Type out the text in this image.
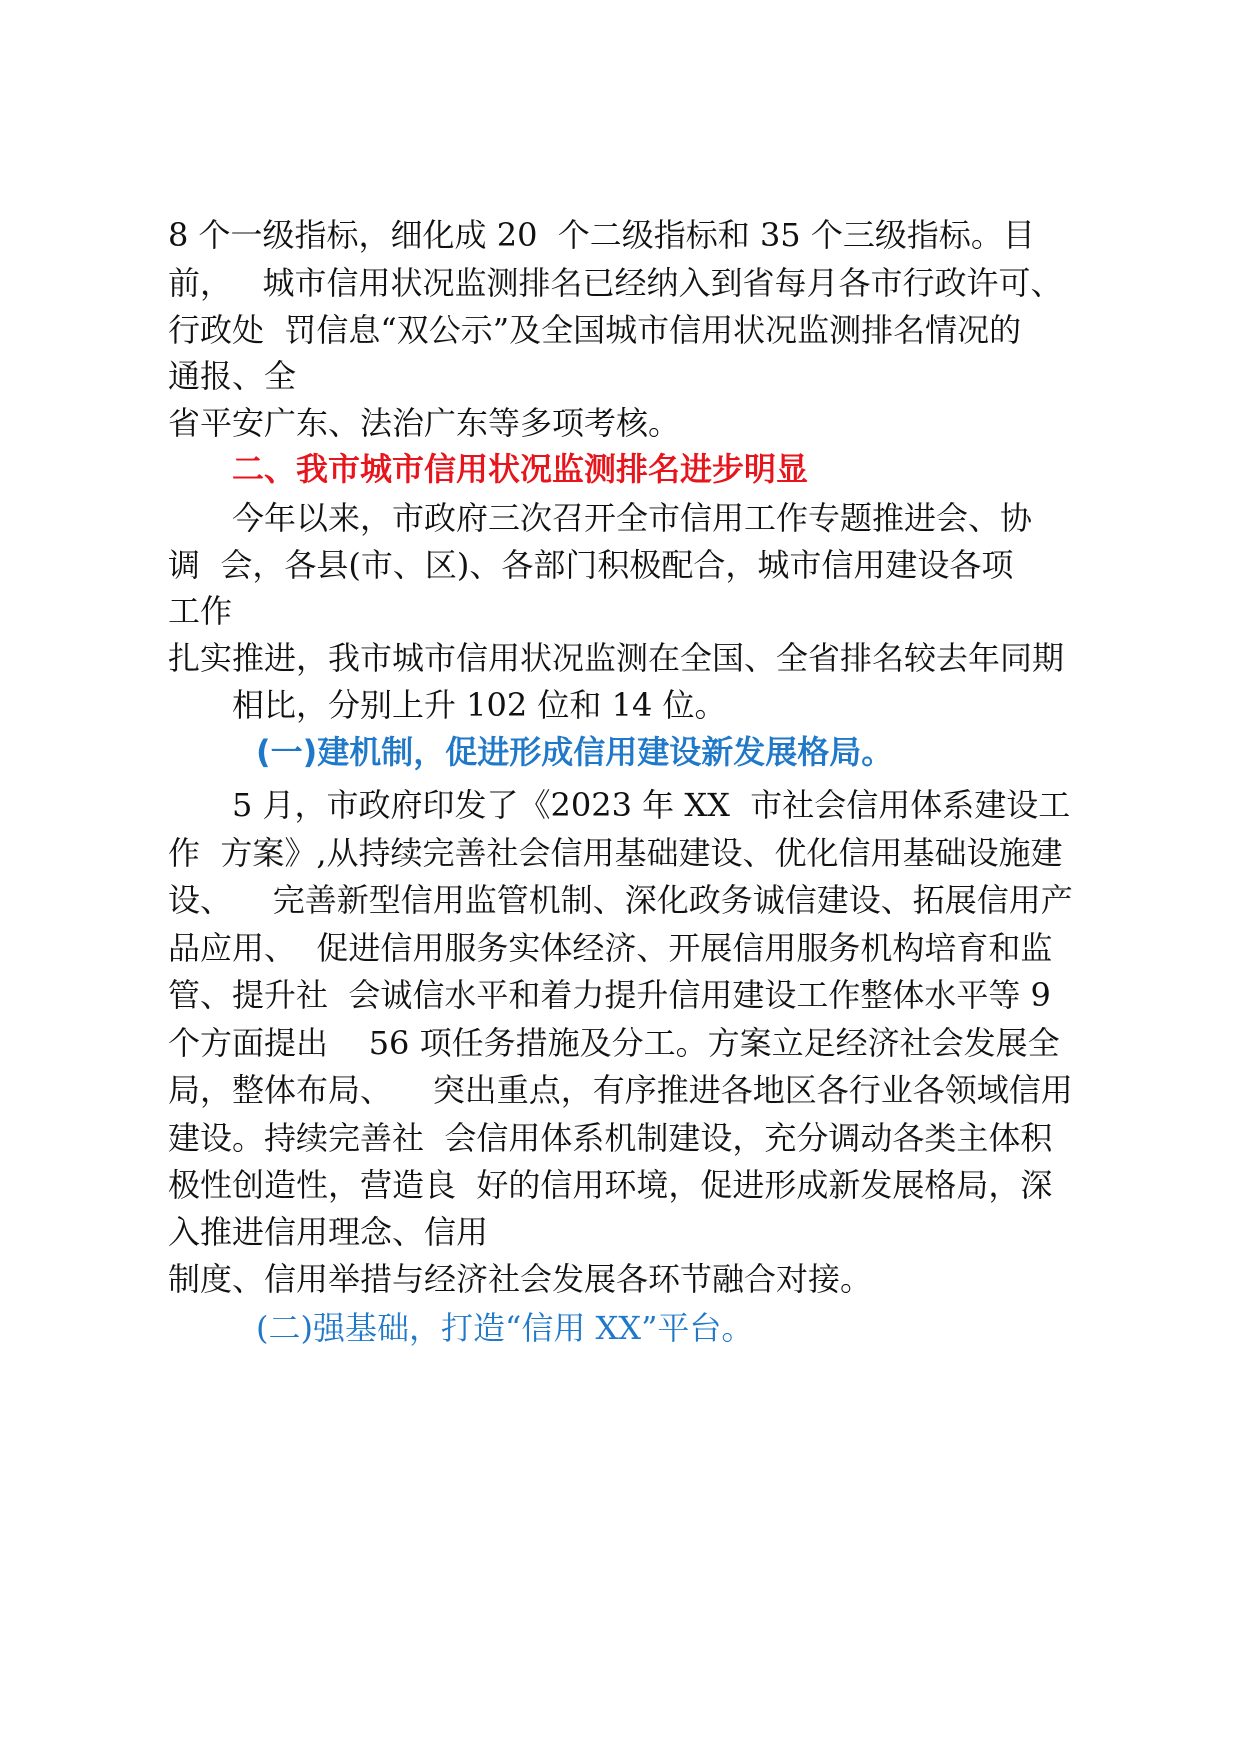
8 个一级指标，细化成 20  个二级指标和 35 个三级指标。目
前，   城市信用状况监测排名已经纳入到省每月各市行政许可、
行政处  罚信息“双公示”及全国城市信用状况监测排名情况的
通报、全
省平安广东、法治广东等多项考核。
二、我市城市信用状况监测排名进步明显
今年以来，市政府三次召开全市信用工作专题推进会、协
调  会，各县(市、区)、各部门积极配合，城市信用建设各项
工作
扎实推进，我市城市信用状况监测在全国、全省排名较去年同期
相比，分别上升 102 位和 14 位。
(一)建机制，促进形成信用建设新发展格局。
5 月，市政府印发了《2023 年 XX  市社会信用体系建设工
作  方案》,从持续完善社会信用基础建设、优化信用基础设施建
设、    完善新型信用监管机制、深化政务诚信建设、拓展信用产
品应用、  促进信用服务实体经济、开展信用服务机构培育和监
管、提升社  会诚信水平和着力提升信用建设工作整体水平等 9
个方面提出    56 项任务措施及分工。方案立足经济社会发展全
局，整体布局、    突出重点，有序推进各地区各行业各领域信用
建设。持续完善社  会信用体系机制建设，充分调动各类主体积
极性创造性，营造良  好的信用环境，促进形成新发展格局，深
入推进信用理念、信用
制度、信用举措与经济社会发展各环节融合对接。
(二)强基础，打造“信用 XX”平台。
